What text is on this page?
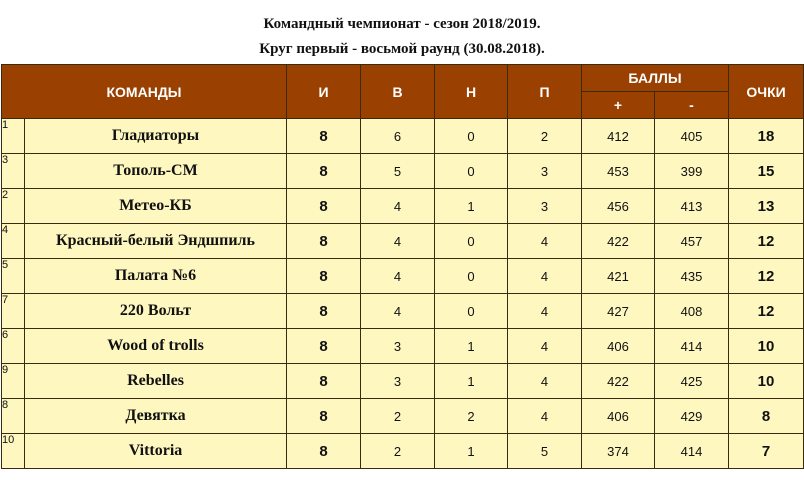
Командный чемпионат - сезон 2018/2019.
Круг первый - восьмой раунд (30.08.2018).
КОМАНДЫ		И	В	Н	П	БАЛЛЫ		ОЧКИ
						+	-	
1	Гладиаторы	8	6	0	2	412	405	18
3	Тополь-СМ	8	5	0	3	453	399	15
2	Метео-КБ	8	4	1	3	456	413	13
4	Красный-белый Эндшпиль	8	4	0	4	422	457	12
5	Палата №6	8	4	0	4	421	435	12
7	220 Вольт	8	4	0	4	427	408	12
6	Wood of trolls	8	3	1	4	406	414	10
9	Rebelles	8	3	1	4	422	425	10
8	Девятка	8	2	2	4	406	429	8
10	Vittoria	8	2	1	5	374	414	7
